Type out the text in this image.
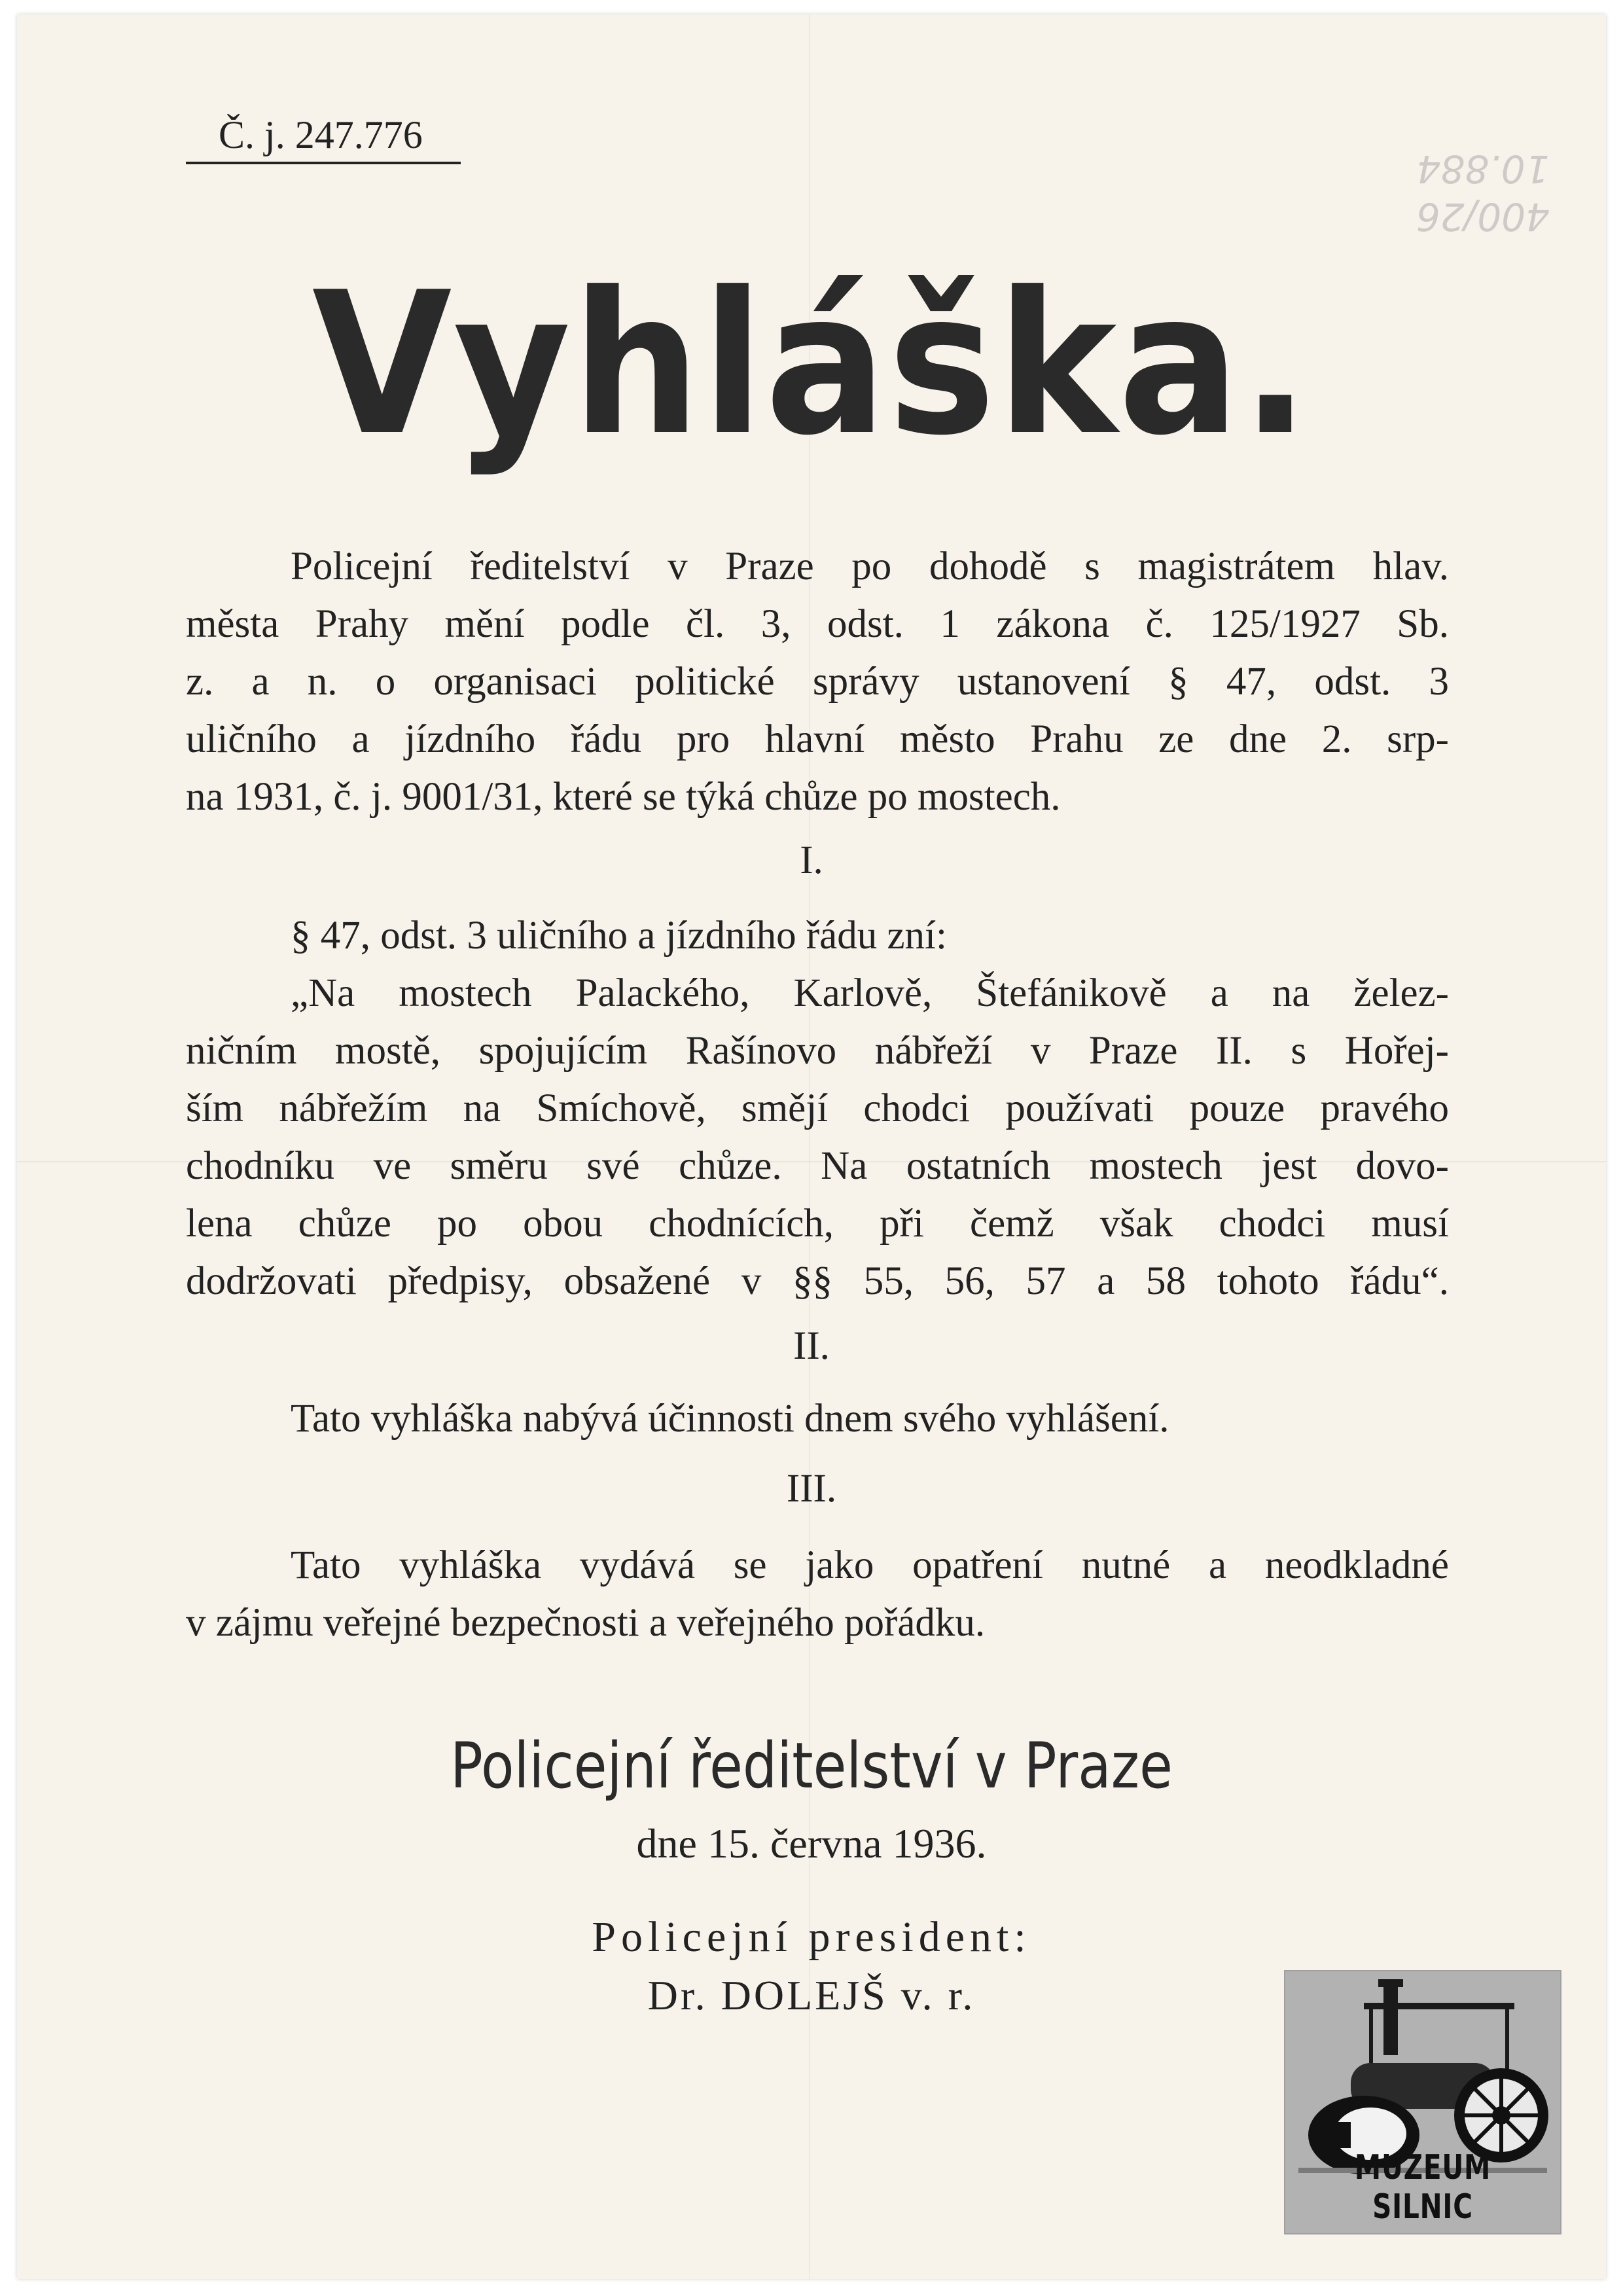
Č. j. 247.776
400/26
10.884
Vyhláška.
Policejní ředitelství v Praze po dohodě s magistrátem hlav.
města Prahy mění podle čl. 3, odst. 1 zákona č. 125/1927 Sb.
z. a n. o organisaci politické správy ustanovení § 47, odst. 3
uličního a jízdního řádu pro hlavní město Prahu ze dne 2. srp-
na 1931, č. j. 9001/31, které se týká chůze po mostech.
I.
§ 47, odst. 3 uličního a jízdního řádu zní:
„Na mostech Palackého, Karlově, Štefánikově a na želez-
ničním mostě, spojujícím Rašínovo nábřeží v Praze II. s Hořej-
ším nábřežím na Smíchově, smějí chodci používati pouze pravého
chodníku ve směru své chůze. Na ostatních mostech jest dovo-
lena chůze po obou chodnících, při čemž však chodci musí
dodržovati předpisy, obsažené v §§ 55, 56, 57 a 58 tohoto řádu“.
II.
Tato vyhláška nabývá účinnosti dnem svého vyhlášení.
III.
Tato vyhláška vydává se jako opatření nutné a neodkladné
v zájmu veřejné bezpečnosti a veřejného pořádku.
Policejní ředitelství v Praze
dne 15. června 1936.
Policejní president:
Dr. DOLEJŠ v. r.
MUZEUM SILNIC
